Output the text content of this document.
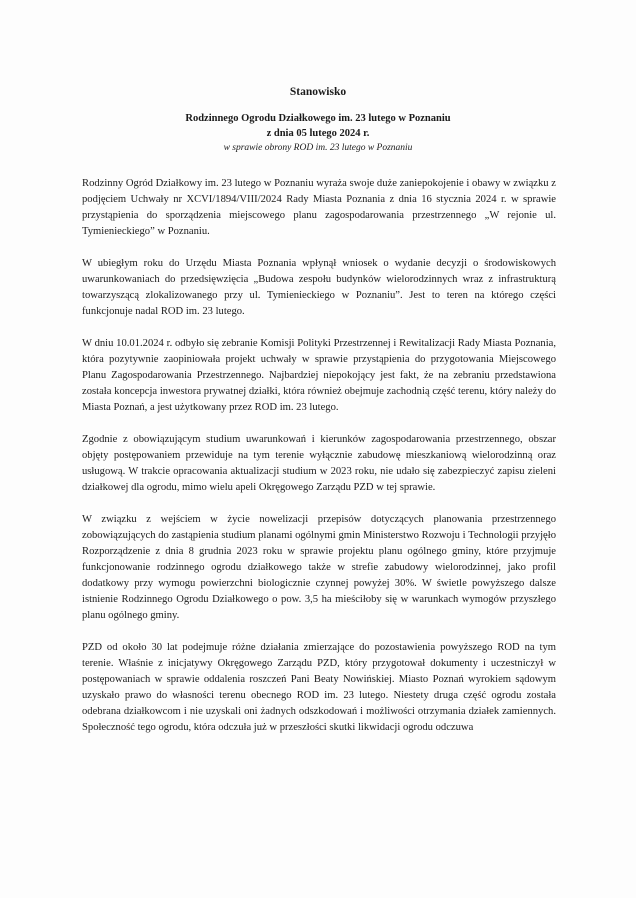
Stanowisko
Rodzinnego Ogrodu Działkowego im. 23 lutego w Poznaniu
z dnia 05 lutego 2024 r.
w sprawie obrony ROD im. 23 lutego w Poznaniu

Rodzinny Ogród Działkowy im. 23 lutego w Poznaniu wyraża swoje duże zaniepokojenie i obawy w związku z podjęciem Uchwały nr XCVI/1894/VIII/2024 Rady Miasta Poznania z dnia 16 stycznia 2024 r. w sprawie przystąpienia do sporządzenia miejscowego planu zagospodarowania przestrzennego „W rejonie ul. Tymienieckiego” w Poznaniu.

W ubiegłym roku do Urzędu Miasta Poznania wpłynął wniosek o wydanie decyzji o środowiskowych uwarunkowaniach do przedsięwzięcia „Budowa zespołu budynków wielorodzinnych wraz z infrastrukturą towarzyszącą zlokalizowanego przy ul. Tymienieckiego w Poznaniu”. Jest to teren na którego części funkcjonuje nadal ROD im. 23 lutego.

W dniu 10.01.2024 r. odbyło się zebranie Komisji Polityki Przestrzennej i Rewitalizacji Rady Miasta Poznania, która pozytywnie zaopiniowała projekt uchwały w sprawie przystąpienia do przygotowania Miejscowego Planu Zagospodarowania Przestrzennego. Najbardziej niepokojący jest fakt, że na zebraniu przedstawiona została koncepcja inwestora prywatnej działki, która również obejmuje zachodnią część terenu, który należy do Miasta Poznań, a jest użytkowany przez ROD im. 23 lutego.

Zgodnie z obowiązującym studium uwarunkowań i kierunków zagospodarowania przestrzennego, obszar objęty postępowaniem przewiduje na tym terenie wyłącznie zabudowę mieszkaniową wielorodzinną oraz usługową. W trakcie opracowania aktualizacji studium w 2023 roku, nie udało się zabezpieczyć zapisu zieleni działkowej dla ogrodu, mimo wielu apeli Okręgowego Zarządu PZD w tej sprawie.

W związku z wejściem w życie nowelizacji przepisów dotyczących planowania przestrzennego zobowiązujących do zastąpienia studium planami ogólnymi gmin Ministerstwo Rozwoju i Technologii przyjęło Rozporządzenie z dnia 8 grudnia 2023 roku w sprawie projektu planu ogólnego gminy, które przyjmuje funkcjonowanie rodzinnego ogrodu działkowego także w strefie zabudowy wielorodzinnej, jako profil dodatkowy przy wymogu powierzchni biologicznie czynnej powyżej 30%. W świetle powyższego dalsze istnienie Rodzinnego Ogrodu Działkowego o pow. 3,5 ha mieściłoby się w warunkach wymogów przyszłego planu ogólnego gminy.

PZD od około 30 lat podejmuje różne działania zmierzające do pozostawienia powyższego ROD na tym terenie. Właśnie z inicjatywy Okręgowego Zarządu PZD, który przygotował dokumenty i uczestniczył w postępowaniach w sprawie oddalenia roszczeń Pani Beaty Nowińskiej. Miasto Poznań wyrokiem sądowym uzyskało prawo do własności terenu obecnego ROD im. 23 lutego. Niestety druga część ogrodu została odebrana działkowcom i nie uzyskali oni żadnych odszkodowań i możliwości otrzymania działek zamiennych. Społeczność tego ogrodu, która odczuła już w przeszłości skutki likwidacji ogrodu odczuwa
